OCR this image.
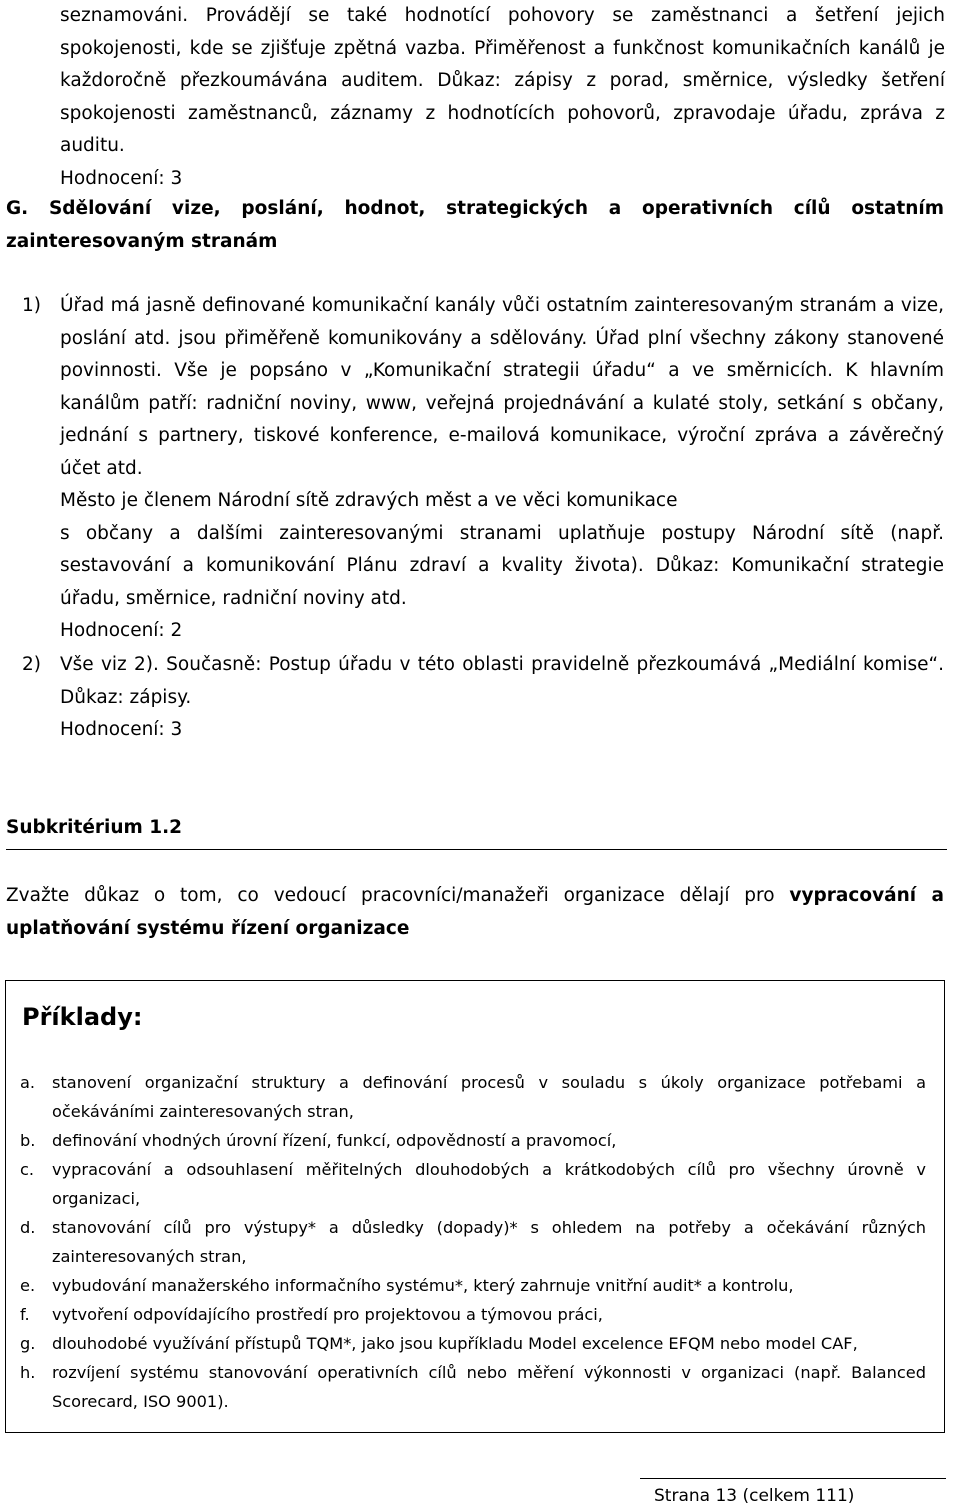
seznamováni. Provádějí se také hodnotící pohovory se zaměstnanci a šetření jejich spokojenosti, kde se zjišťuje zpětná vazba. Přiměřenost a funkčnost komunikačních kanálů je každoročně přezkoumávána auditem. Důkaz: zápisy z porad, směrnice, výsledky šetření spokojenosti zaměstnanců, záznamy z hodnotících pohovorů, zpravodaje úřadu, zpráva z auditu.

Hodnocení: 3

G. Sdělování vize, poslání, hodnot, strategických a operativních cílů ostatním zainteresovaným stranám
1)	Úřad má jasně definované komunikační kanály vůči ostatním zainteresovaným stranám a vize, poslání atd. jsou přiměřeně komunikovány a sdělovány. Úřad plní všechny zákony stanovené povinnosti. Vše je popsáno v „Komunikační strategii úřadu“ a ve směrnicích. K hlavním kanálům patří: radniční noviny, www, veřejná projednávání a kulaté stoly, setkání s občany, jednání s partnery, tiskové konference, e-mailová komunikace, výroční zpráva a závěrečný účet atd.

Město je členem Národní sítě zdravých měst a ve věci komunikace

s občany a dalšími zainteresovanými stranami uplatňuje postupy Národní sítě (např. sestavování a komunikování Plánu zdraví a kvality života). Důkaz: Komunikační strategie úřadu, směrnice, radniční noviny atd.

Hodnocení: 2

2)	Vše viz 2). Současně: Postup úřadu v této oblasti pravidelně přezkoumává „Mediální komise“. Důkaz: zápisy.

Hodnocení: 3

Subkritérium 1.2
Zvažte důkaz o tom, co vedoucí pracovníci/manažeři organizace dělají pro vypracování a uplatňování systému řízení organizace
Příklady:
a.	stanovení organizační struktury a definování procesů v souladu s úkoly organizace potřebami a očekáváními zainteresovaných stran,
b.	definování vhodných úrovní řízení, funkcí, odpovědností a pravomocí,
c.	vypracování a odsouhlasení měřitelných dlouhodobých a krátkodobých cílů pro všechny úrovně v organizaci,
d.	stanovování cílů pro výstupy* a důsledky (dopady)* s ohledem na potřeby a očekávání různých zainteresovaných stran,
e.	vybudování manažerského informačního systému*, který zahrnuje vnitřní audit* a kontrolu,
f.	vytvoření odpovídajícího prostředí pro projektovou a týmovou práci,
g.	dlouhodobé využívání přístupů TQM*, jako jsou kupříkladu Model excelence EFQM nebo model CAF,
h.	rozvíjení systému stanovování operativních cílů nebo měření výkonnosti v organizaci (např. Balanced Scorecard, ISO 9001).
Strana 13 (celkem 111)
